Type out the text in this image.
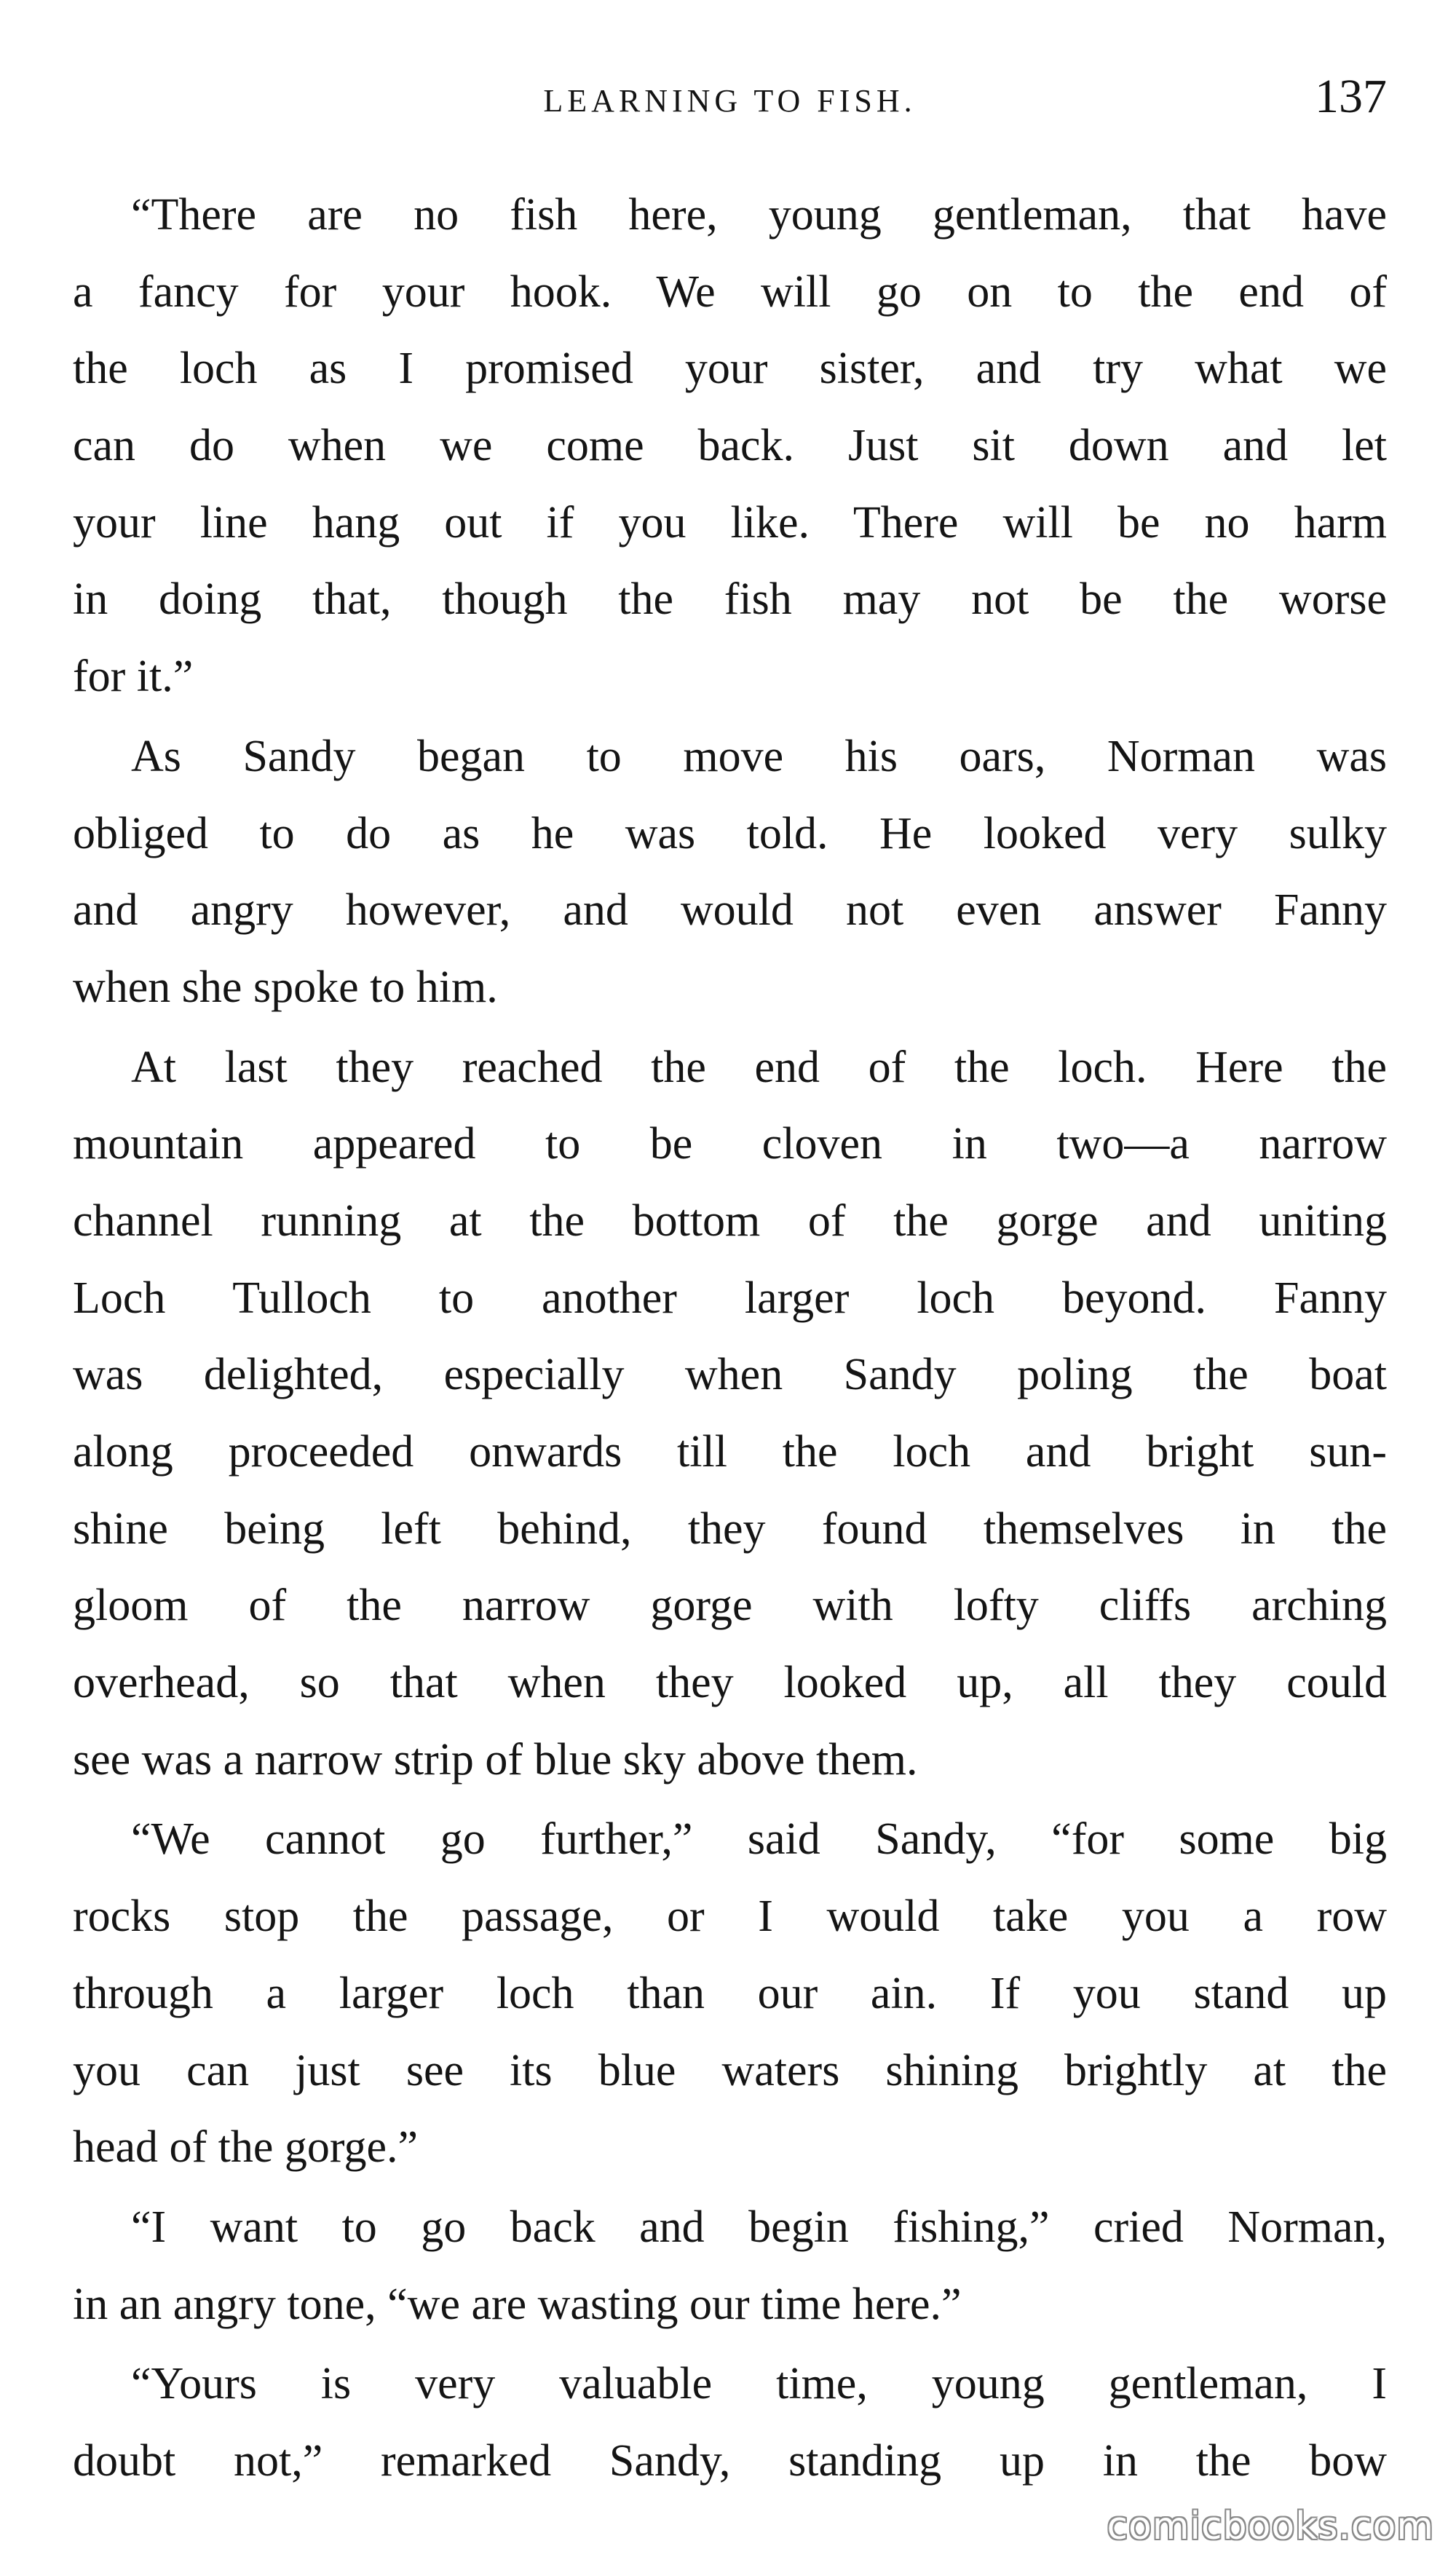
LEARNING TO FISH.	137

“There are no fish here, young gentleman, that have
a fancy for your hook. We will go on to the end of
the loch as I promised your sister, and try what we
can do when we come back. Just sit down and let
your line hang out if you like. There will be no harm
in doing that, though the fish may not be the worse
for it.”

As Sandy began to move his oars, Norman was
obliged to do as he was told. He looked very sulky
and angry however, and would not even answer Fanny
when she spoke to him.

At last they reached the end of the loch. Here the
mountain appeared to be cloven in two—a narrow
channel running at the bottom of the gorge and uniting
Loch Tulloch to another larger loch beyond. Fanny
was delighted, especially when Sandy poling the boat
along proceeded onwards till the loch and bright sun-
shine being left behind, they found themselves in the
gloom of the narrow gorge with lofty cliffs arching
overhead, so that when they looked up, all they could
see was a narrow strip of blue sky above them.

“We cannot go further,” said Sandy, “for some big
rocks stop the passage, or I would take you a row
through a larger loch than our ain. If you stand up
you can just see its blue waters shining brightly at the
head of the gorge.”

“I want to go back and begin fishing,” cried Norman,
in an angry tone, “we are wasting our time here.”

“Yours is very valuable time, young gentleman, I
doubt not,” remarked Sandy, standing up in the bow

comicbooks.com
